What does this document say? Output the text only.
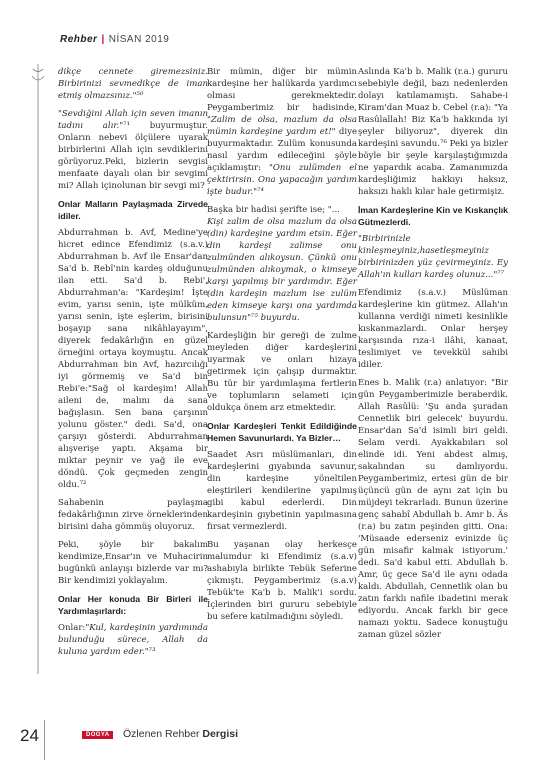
Rehber | NİSAN 2019

dikçe cennete giremezsiniz. Birbirinizi sevmedikçe de iman etmiş olmazsınız."⁵⁰

"Sevdiğini Allah için seven imanın tadını alır."⁷¹ buyurmuştur. Onların nebevi ölçülere uyarak birbirlerini Allah için sevdiklerini görüyoruz.Peki, bizlerin sevgisi menfaate dayalı olan bir sevgimi mi? Allah içinolunan bir sevgi mi?

Onlar Malların Paylaşmada Zirvede idiler.

Abdurrahman b. Avf, Medine'ye hicret edince Efendimiz (s.a.v.) Abdurrahman b. Avf ile Ensar'dan Sa'd b. Rebî'nin kardeş olduğunu ilan etti. Sa'd b. Rebi', Abdurrahman'a: "Kardeşim! İşte evim, yarısı senin, işte mülküm, yarısı senin, işte eşlerim, birisini boşayıp sana nikâhlayayım", diyerek fedakârlığın en güzel örneğini ortaya koymuştu. Ancak Abdurrahman bin Avf, hazırcılığı iyi görmemiş ve Sa'd bin Rebi'e:"Sağ ol kardeşim! Allah aileni de, malını da sana bağışlasın. Sen bana çarşının yolunu göster." dedi. Sa'd, ona çarşıyı gösterdi. Abdurrahman alışverişe yaptı. Akşama bir miktar peynir ve yağ ile eve döndü. Çok geçmeden zengin oldu.⁷²

Sahabenin paylaşma fedakârlığının zirve örneklerinden birisini daha gömmüş oluyoruz.

Peki, şöyle bir bakalım kendimize,Ensar'ın ve Muhacirin bugünkü anlayışı bizlerde var mı? Bir kendimizi yoklayalım.

Onlar Her konuda Bir Birleri ile Yardımlaşırlardı:

Onlar:"Kul, kardeşinin yardımında bulunduğu sürece, Allah da kuluna yardım eder."⁷³

Bir mümin, diğer bir mümin kardeşine her halükarda yardımcı olması gerekmektedir. Peygamberimiz bir hadisinde, "Zalim de olsa, mazlum da olsa mümin kardeşine yardım et!" diye buyurmaktadır. Zulüm konusunda nasıl yardım edileceğini şöyle açıklamıştır: "Onu zulümden el çektirirsin. Ona yapacağın yardım işte budur."⁷⁴

Başka bir hadisi şerifte ise; "...

Kişi zalim de olsa mazlum da olsa (din) kardeşine yardım etsin. Eğer din kardeşi zalimse onu zulmünden alıkoysun. Çünkü onu zulmünden alıkoymak, o kimseye karşı yapılmış bir yardımdır. Eğer (din kardeşin mazlum ise zulüm eden kimseye karşı ona yardımda bulunsun"⁷⁵ buyurdu.

Kardeşliğin bir gereği de zulme meyleden diğer kardeşlerini uyarmak ve onları hizaya getirmek için çalışıp durmaktır. Bu tür bir yardımlaşma fertlerin ve toplumların selameti için oldukça önem arz etmektedir.

Onlar Kardeşleri Tenkit Edildiğinde Hemen Savunurlardı. Ya Bizler…

Saadet Asrı müslümanları, din kardeşlerini gıyabında savunur, din kardeşine yöneltilen eleştirileri kendilerine yapılmış gibi kabul ederlerdi. Din kardeşinin gıybetinin yapılmasına fırsat vermezlerdi.

Bu yaşanan olay herkesçe malumdur ki Efendimiz (s.a.v) ashabıyla birlikte Tebük Seferine çıkmıştı. Peygamberimiz (s.a.v) Tebük'te Ka'b b. Malik'i sordu. İçlerinden biri gururu sebebiyle bu sefere katılmadığını söyledi.

Aslında Ka'b b. Malik (r.a.) gururu sebebiyle değil, bazı nedenlerden dolayı katılamamıştı. Sahabe-i Kiram'dan Muaz b. Cebel (r.a): "Ya Rasûlallah! Biz Ka'b hakkında iyi şeyler biliyoruz", diyerek din kardeşini savundu.⁷⁶ Peki ya bizler böyle bir şeyle karşılaştığımızda ne yapardık acaba. Zamanımızda kardeşliğimiz hakkıyı haksız, haksızı haklı kılar hale getirmişiz.

İman Kardeşlerine Kin ve Kıskançlık Gütmezlerdi.

"Birbirinizle kinleşmeyiniz,hasetleşmeyiniz birbirinizden yüz çevirmeyiniz. Ey Allah'ın kulları kardeş olunuz..."⁷⁷

Efendimiz (s.a.v.) Müslüman kardeşlerine kin gütmez. Allah'ın kullanna verdiği nimeti kesinlikle kıskanmazlardı. Onlar herşey karşısında rıza-i ilâhi, kanaat, teslimiyet ve tevekkül sahibi idiler.

Enes b. Malik (r.a) anlatıyor: "Bir gün Peygamberimizle beraberdik. Allah Rasûlü: 'Şu anda şuradan Cennetlik biri gelecek' buyurdu. Ensar'dan Sa'd isimli biri geldi. Selam verdi. Ayakkabıları sol elinde idi. Yeni abdest almış, sakalından su damlıyordu. Peygamberimiz, ertesi gün de bir üçüncü gün de aynı zat için bu müjdeyi tekrarladı. Bunun üzerine genç sahabî Abdullah b. Amr b. Âs (r.a) bu zatın peşinden gitti. Ona: 'Müsaade ederseniz evinizde üç gün misafir kalmak istiyorum.' dedi. Sa'd kabul etti. Abdullah b. Amr, üç gece Sa'd ile aynı odada kaldı. Abdullah, Cennetlik olan bu zatın farklı nafile ibadetini merak ediyordu. Ancak farklı bir gece namazı yoktu. Sadece konuştuğu zaman güzel sözler

24	DOGYA	Özlenen Rehber Dergisi
